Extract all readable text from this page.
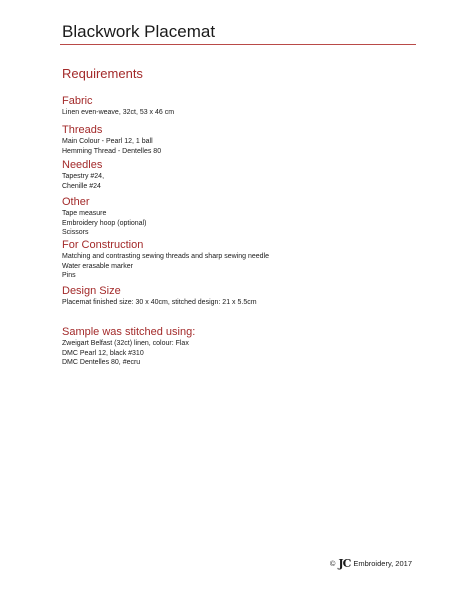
Blackwork Placemat
Requirements
Fabric

Linen even-weave, 32ct, 53 x 46 cm

Threads

Main Colour - Pearl 12, 1 ball

Hemming Thread - Dentelles 80

Needles

Tapestry #24,

Chenille #24

Other

Tape measure

Embroidery hoop (optional)

Scissors

For Construction

Matching and contrasting sewing threads and sharp sewing needle

Water erasable marker

Pins

Design Size

Placemat finished size: 30 x 40cm, stitched design: 21 x 5.5cm

Sample was stitched using:

Zweigart Belfast (32ct) linen, colour: Flax

DMC Pearl 12, black #310

DMC Dentelles 80, #ecru

© JC Embroidery, 2017
